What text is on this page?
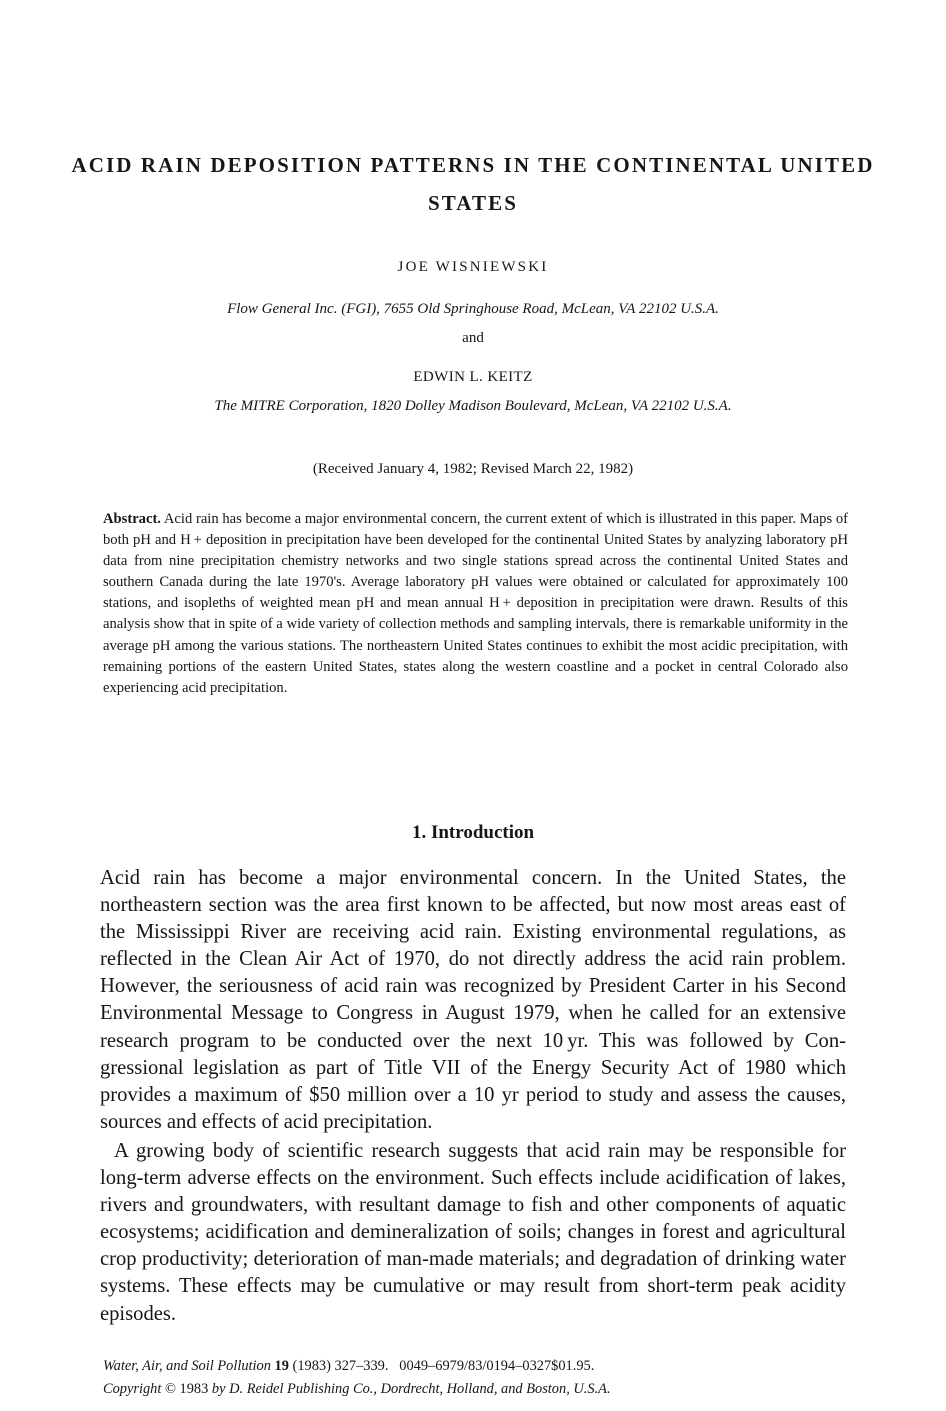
ACID RAIN DEPOSITION PATTERNS IN THE CONTINENTAL UNITED STATES

JOE WISNIEWSKI

Flow General Inc. (FGI), 7655 Old Springhouse Road, McLean, VA 22102 U.S.A.

and

EDWIN L. KEITZ

The MITRE Corporation, 1820 Dolley Madison Boulevard, McLean, VA 22102 U.S.A.

(Received January 4, 1982; Revised March 22, 1982)

Abstract. Acid rain has become a major environmental concern, the current extent of which is illustrated in this paper. Maps of both pH and H + deposition in precipitation have been developed for the continental United States by analyzing laboratory pH data from nine precipitation chemistry networks and two single stations spread across the continental United States and southern Canada during the late 1970's. Average laboratory pH values were obtained or calculated for approximately 100 stations, and isopleths of weighted mean pH and mean annual H + deposition in precipitation were drawn. Results of this analysis show that in spite of a wide variety of collection methods and sampling intervals, there is remarkable uniformity in the average pH among the various stations. The northeastern United States continues to exhibit the most acidic precipitation, with remaining portions of the eastern United States, states along the western coastline and a pocket in central Colorado also experiencing acid precipitation.

1. Introduction

Acid rain has become a major environmental concern. In the United States, the northeastern section was the area first known to be affected, but now most areas east of the Mississippi River are receiving acid rain. Existing environmental regulations, as reflected in the Clean Air Act of 1970, do not directly address the acid rain problem. However, the seriousness of acid rain was recognized by President Carter in his Second Environmental Message to Congress in August 1979, when he called for an extensive research program to be conducted over the next 10 yr. This was followed by Congressional legislation as part of Title VII of the Energy Security Act of 1980 which provides a maximum of $50 million over a 10 yr period to study and assess the causes, sources and effects of acid precipitation.

A growing body of scientific research suggests that acid rain may be responsible for long-term adverse effects on the environment. Such effects include acidification of lakes, rivers and groundwaters, with resultant damage to fish and other components of aquatic ecosystems; acidification and demineralization of soils; changes in forest and agricultural crop productivity; deterioration of man-made materials; and degradation of drinking water systems. These effects may be cumulative or may result from short-term peak acidity episodes.

Water, Air, and Soil Pollution 19 (1983) 327–339. 0049–6979/83/0194–0327$01.95.

Copyright © 1983 by D. Reidel Publishing Co., Dordrecht, Holland, and Boston, U.S.A.
